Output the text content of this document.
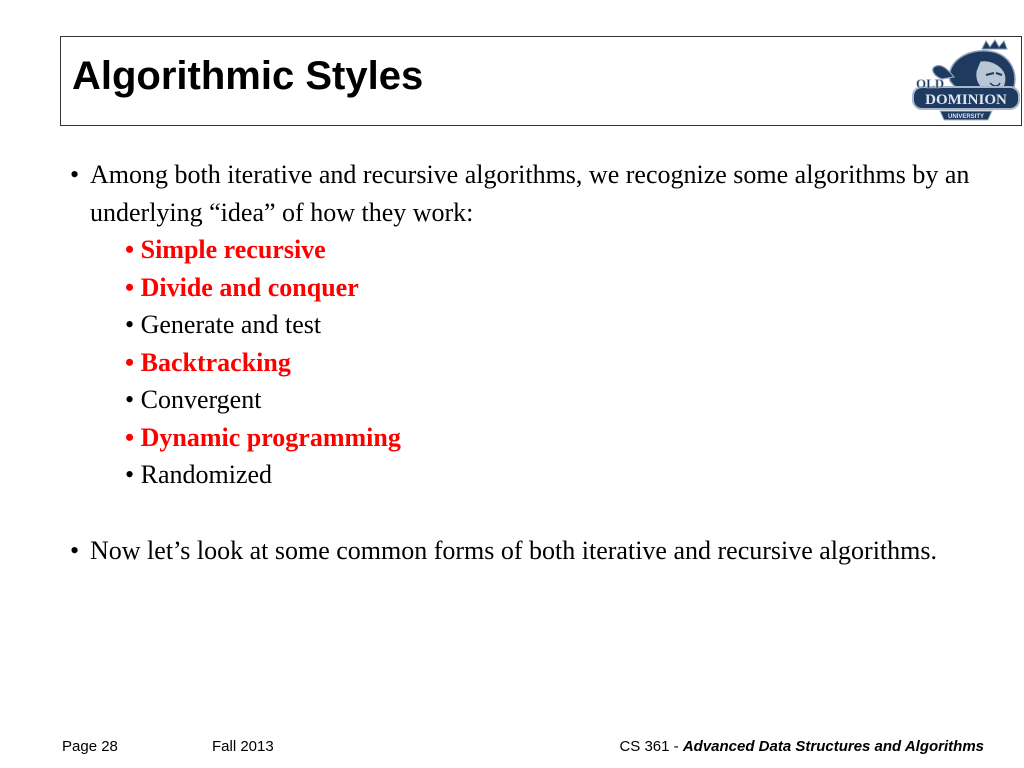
Algorithmic Styles	OLD
DOMINION
UNIVERSITY
• Among both iterative and recursive algorithms, we recognize some algorithms by an underlying “idea” of how they work:
• Simple recursive
• Divide and conquer
• Generate and test
• Backtracking
• Convergent
• Dynamic programming
• Randomized
• Now let’s look at some common forms of both iterative and recursive algorithms.
Page 28	Fall 2013	CS 361 - Advanced Data Structures and Algorithms
